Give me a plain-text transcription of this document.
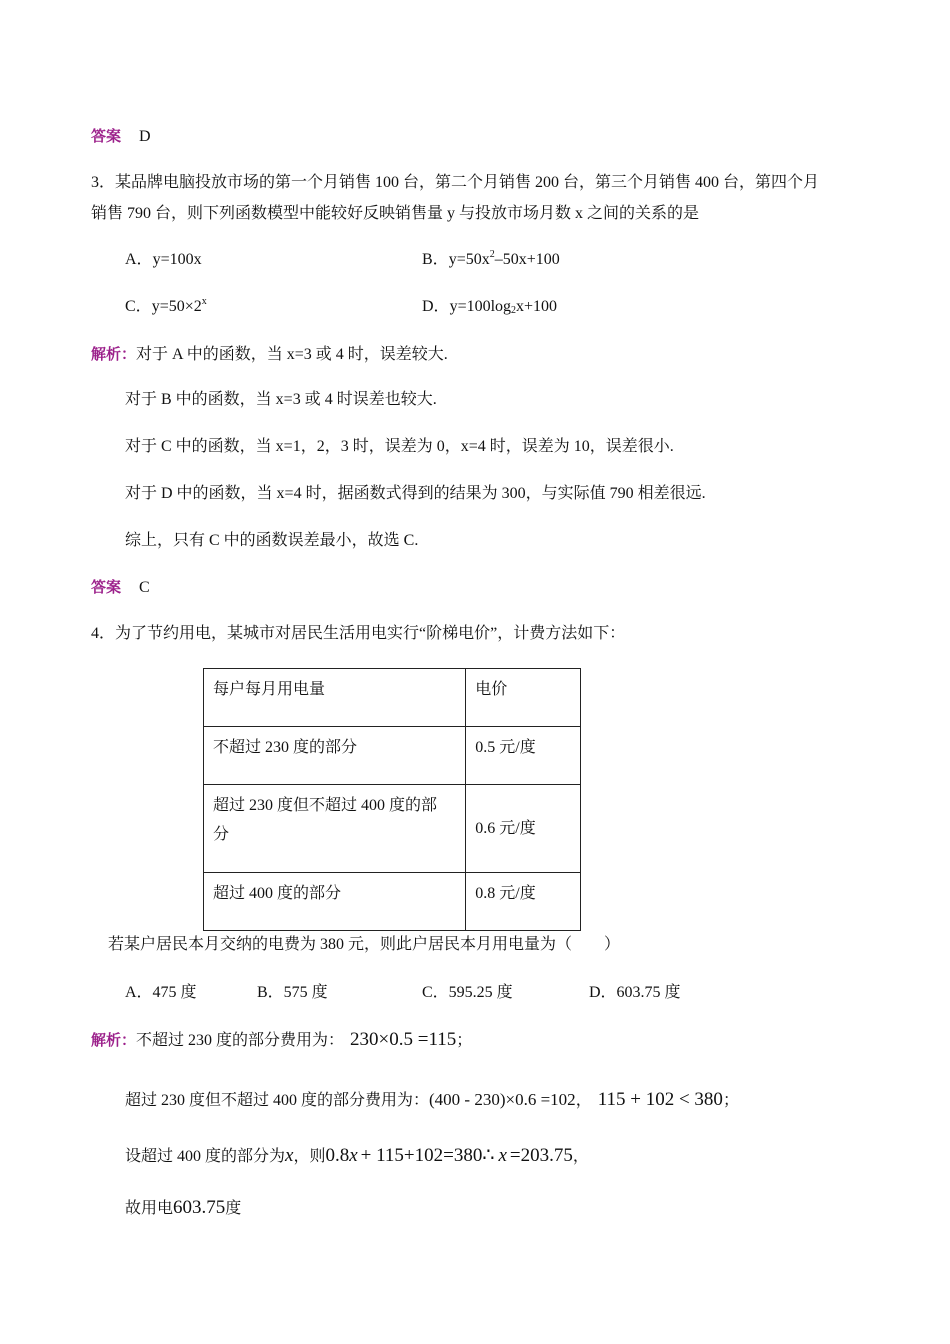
答案 D
3．某品牌电脑投放市场的第一个月销售 100 台，第二个月销售 200 台，第三个月销售 400 台，第四个月
销售 790 台，则下列函数模型中能较好反映销售量 y 与投放市场月数 x 之间的关系的是
A．y=100x	B．$y=50x^2-50x+100$
C．$y=50\times 2^x$	D．$y=100\log_2x+100$
解析：对于 A 中的函数，当 x=3 或 4 时，误差较大.
对于 B 中的函数，当 x=3 或 4 时误差也较大.
对于 C 中的函数，当 x=1，2，3 时，误差为 0，x=4 时，误差为 10，误差很小.
对于 D 中的函数，当 x=4 时，据函数式得到的结果为 300，与实际值 790 相差很远.
综上，只有 C 中的函数误差最小，故选 C.
答案 C
4．为了节约用电，某城市对居民生活用电实行“阶梯电价”，计费方法如下：
每户每月用电量	电价
不超过 230 度的部分	0.5 元/度

超过 230 度但不超过 400 度的部
分	0.6 元/度
超过 400 度的部分	0.8 元/度
若某户居民本月交纳的电费为 380 元，则此户居民本月用电量为（　　）
A．475 度	B．575 度	C．595.25 度	D．603.75 度
解析：不超过 230 度的部分费用为： 230×0.5 =115；
超过 230 度但不超过 400 度的部分费用为：(400 - 230)×0.6 =102， 115 + 102 < 380；
设超过 400 度的部分为x，则0.8x + 115+102=380∴ x =203.75，
故用电603.75度
